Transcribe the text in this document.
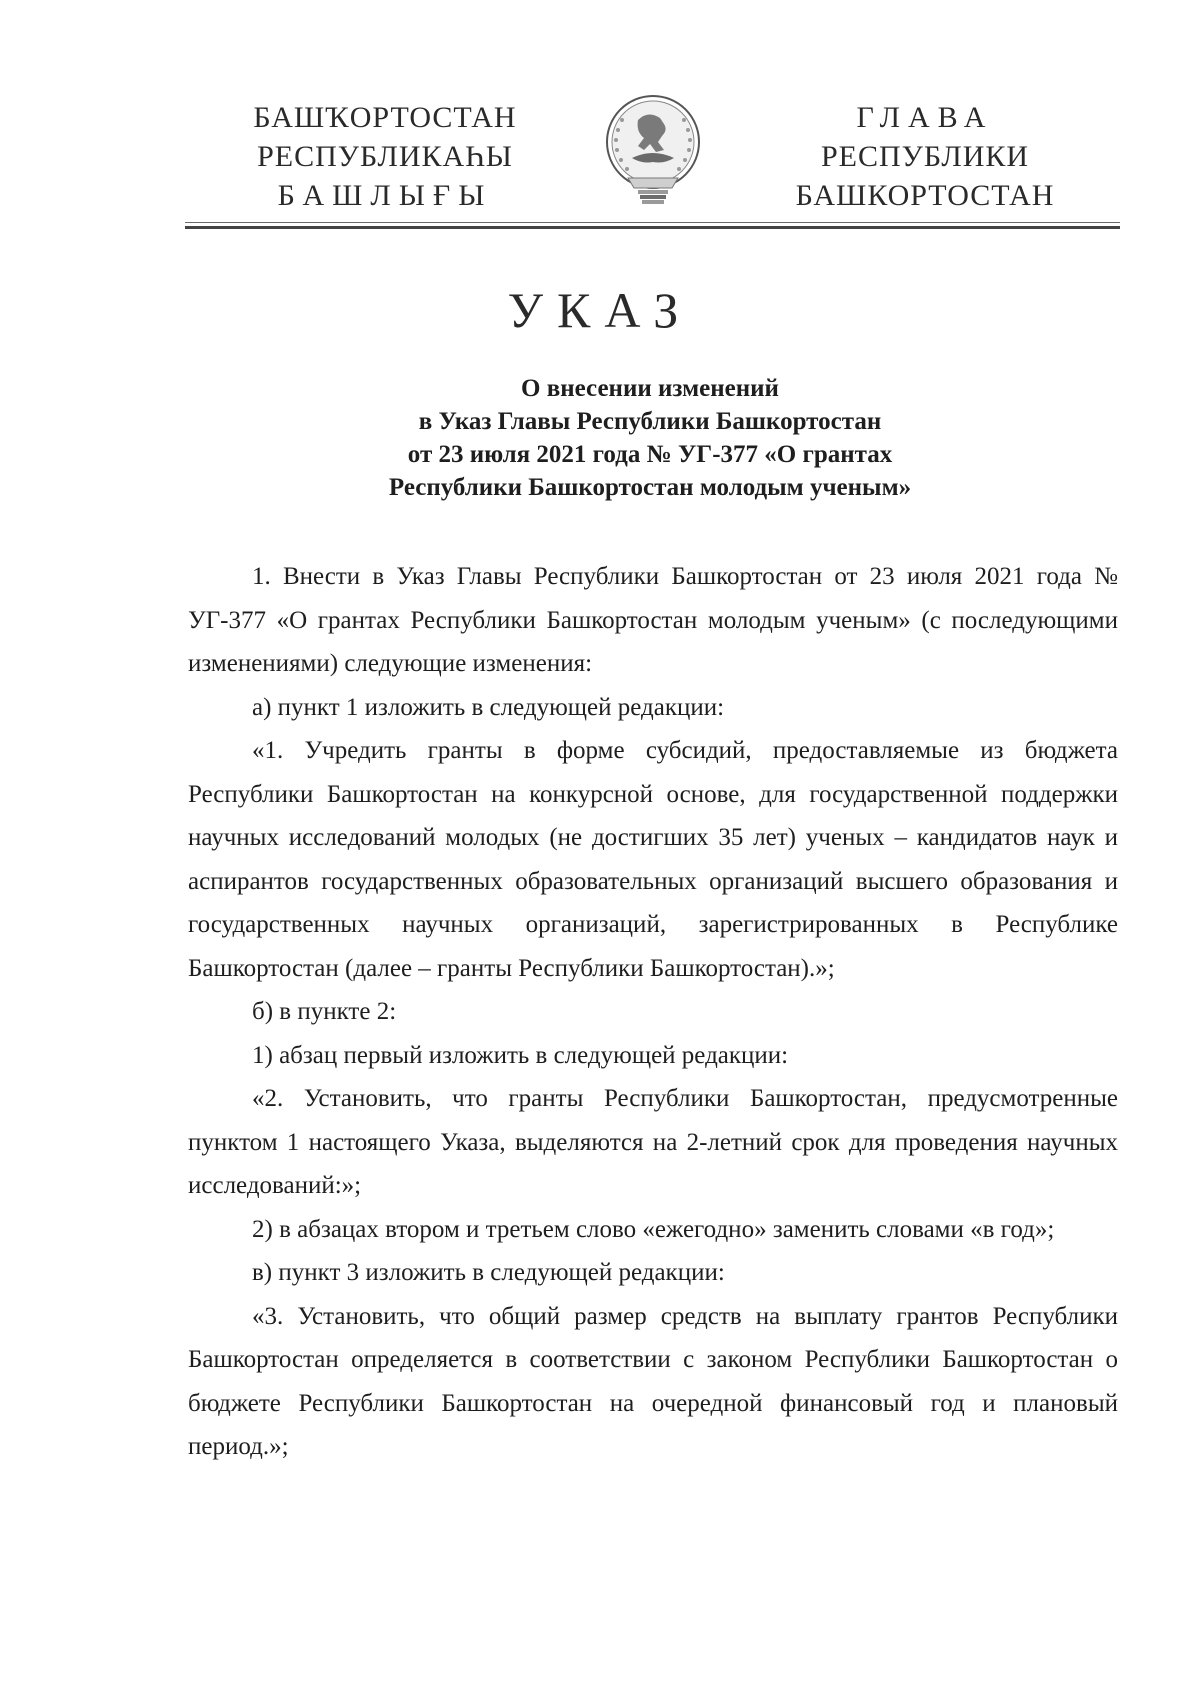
БАШҠОРТОСТАН
РЕСПУБЛИКАҺЫ
БАШЛЫҒЫ
ГЛАВА
РЕСПУБЛИКИ
БАШКОРТОСТАН
УКАЗ
О внесении изменений
в Указ Главы Республики Башкортостан
от 23 июля 2021 года № УГ-377 «О грантах
Республики Башкортостан молодым ученым»

1. Внести в Указ Главы Республики Башкортостан от 23 июля 2021 года № УГ-377 «О грантах Республики Башкортостан молодым ученым» (с последующими изменениями) следующие изменения:

а) пункт 1 изложить в следующей редакции:

«1. Учредить гранты в форме субсидий, предоставляемые из бюджета Республики Башкортостан на конкурсной основе, для государственной поддержки научных исследований молодых (не достигших 35 лет) ученых – кандидатов наук и аспирантов государственных образовательных организаций высшего образования и государственных научных организаций, зарегистрированных в Республике Башкортостан (далее – гранты Республики Башкортостан).»;

б) в пункте 2:

1) абзац первый изложить в следующей редакции:

«2. Установить, что гранты Республики Башкортостан, предусмотренные пунктом 1 настоящего Указа, выделяются на 2-летний срок для проведения научных исследований:»;

2) в абзацах втором и третьем слово «ежегодно» заменить словами «в год»;

в) пункт 3 изложить в следующей редакции:

«3. Установить, что общий размер средств на выплату грантов Республики Башкортостан определяется в соответствии с законом Республики Башкортостан о бюджете Республики Башкортостан на очередной финансовый год и плановый период.»;
